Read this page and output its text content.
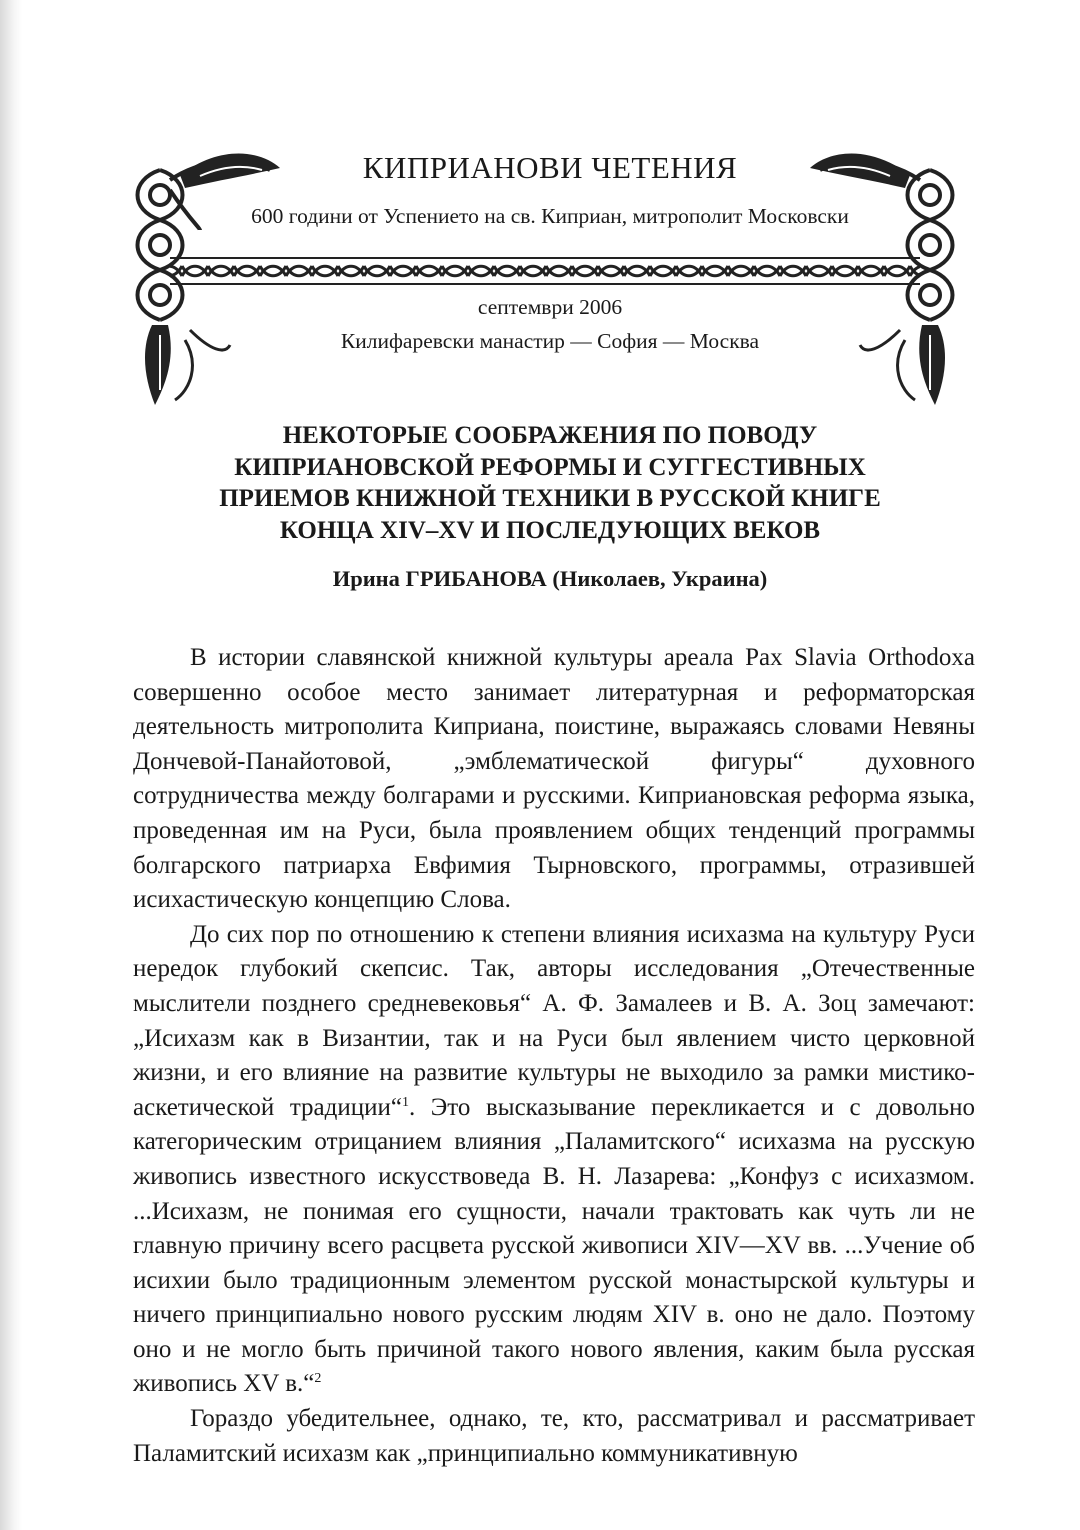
КИПРИАНОВИ ЧЕТЕНИЯ
600 години от Успението на св. Киприан, митрополит Московски
септември 2006
Килифаревски манастир — София — Москва
НЕКОТОРЫЕ СООБРАЖЕНИЯ ПО ПОВОДУ
КИПРИАНОВСКОЙ РЕФОРМЫ И СУГГЕСТИВНЫХ
ПРИЕМОВ КНИЖНОЙ ТЕХНИКИ В РУССКОЙ КНИГЕ
КОНЦА XIV–XV И ПОСЛЕДУЮЩИХ ВЕКОВ
Ирина ГРИБАНОВА (Николаев, Украина)

В истории славянской книжной культуры ареала Pax Slavia Orthodoxa совершенно особое место занимает литературная и реформаторская деятельность митрополита Киприана, поистине, выражаясь словами Невяны Дончевой-Панайотовой, „эмблематической фигуры“ духовного сотрудничества между болгарами и русскими. Киприановская реформа языка, проведенная им на Руси, была проявлением общих тенденций программы болгарского патриарха Евфимия Тырновского, программы, отразившей исихастическую концепцию Слова.

До сих пор по отношению к степени влияния исихазма на культуру Руси нередок глубокий скепсис. Так, авторы исследования „Отечественные мыслители позднего средневековья“ А. Ф. Замалеев и В. А. Зоц замечают: „Исихазм как в Византии, так и на Руси был явлением чисто церковной жизни, и его влияние на развитие культуры не выходило за рамки мистико-аскетической традиции“$^1$. Это высказывание перекликается и с довольно категорическим отрицанием влияния „Паламитского“ исихазма на русскую живопись известного искусствоведа В. Н. Лазарева: „Конфуз с исихазмом. ...Исихазм, не понимая его сущности, начали трактовать как чуть ли не главную причину всего расцвета русской живописи XIV—XV вв. ...Учение об исихии было традиционным элементом русской монастырской культуры и ничего принципиально нового русским людям XIV в. оно не дало. Поэтому оно и не могло быть причиной такого нового явления, каким была русская живопись XV в.“$^2$

Гораздо убедительнее, однако, те, кто, рассматривал и рассматривает Паламитский исихазм как „принципиально коммуникативную
